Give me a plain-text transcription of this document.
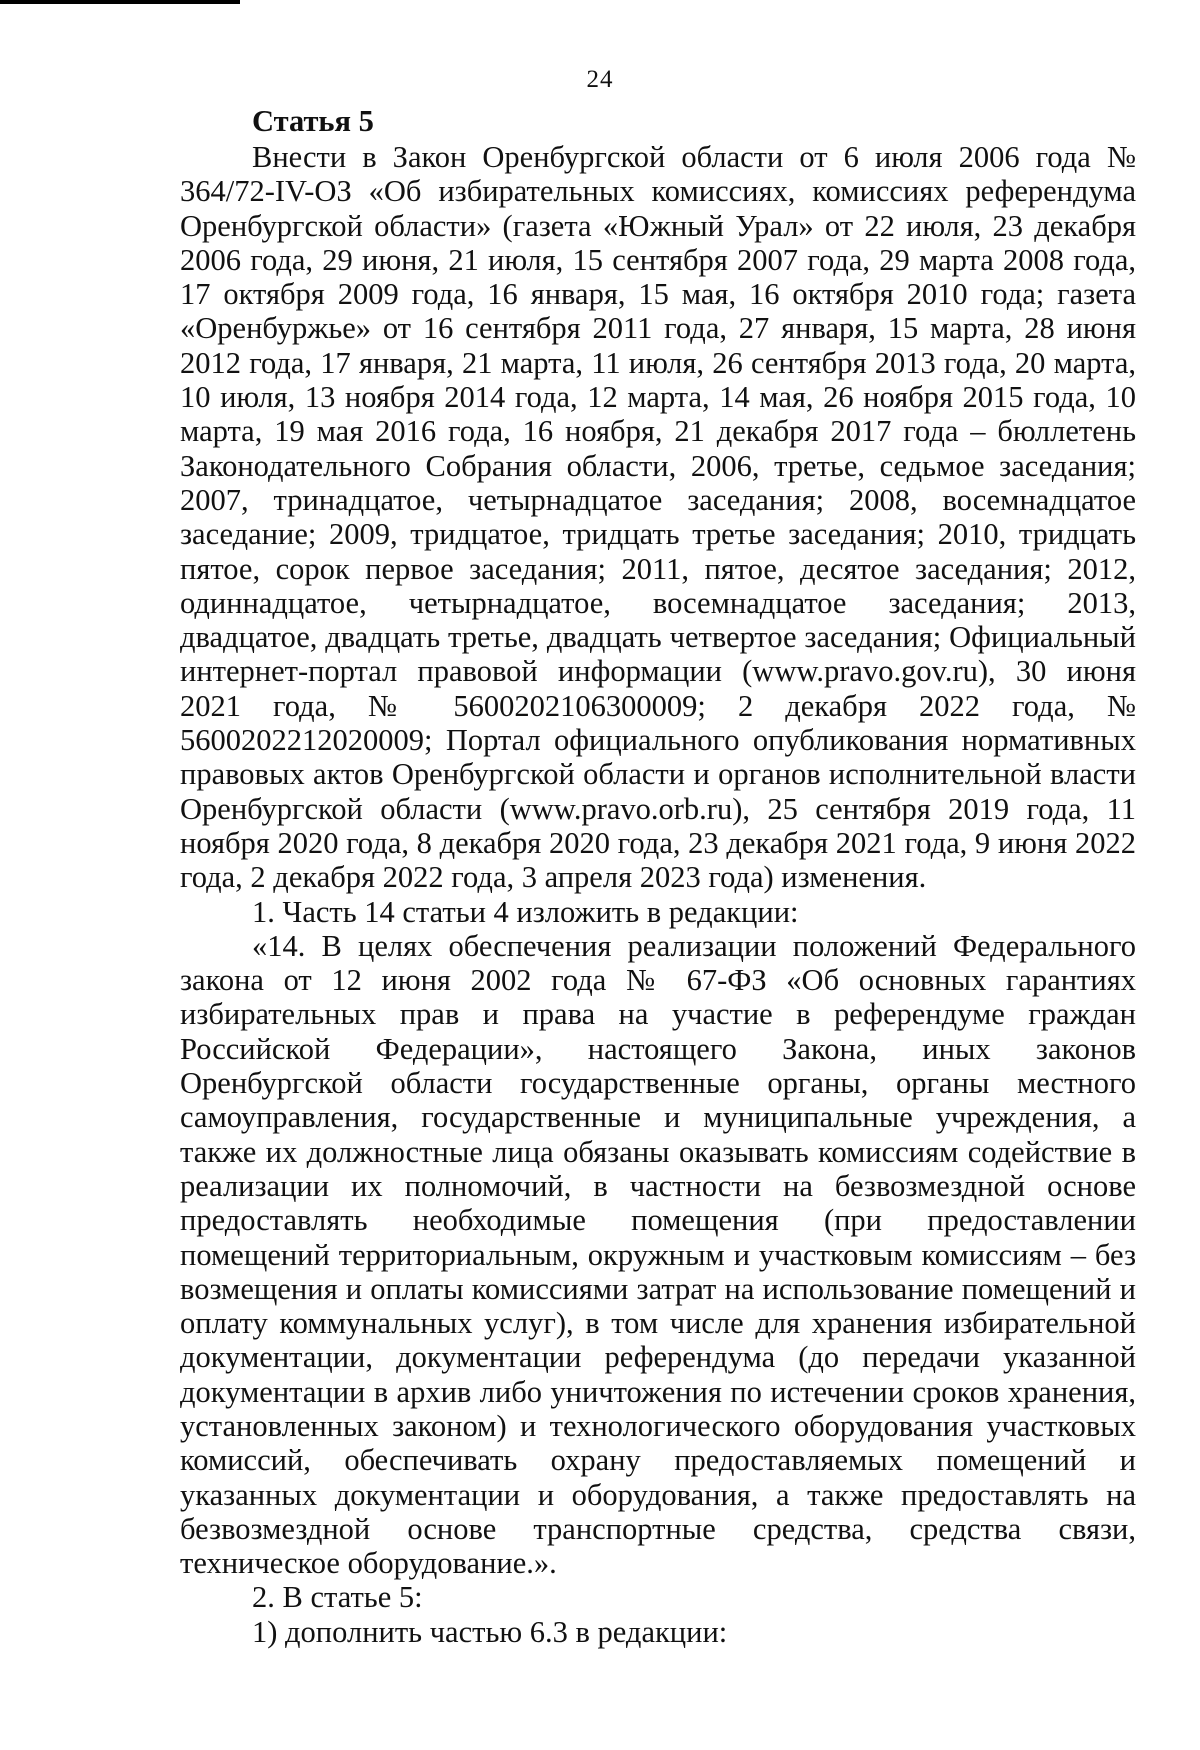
24
Статья 5

Внести в Закон Оренбургской области от 6 июля 2006 года № 364/72-IV-ОЗ «Об избирательных комиссиях, комиссиях референдума Оренбургской области» (газета «Южный Урал» от 22 июля, 23 декабря 2006 года, 29 июня, 21 июля, 15 сентября 2007 года, 29 марта 2008 года, 17 октября 2009 года, 16 января, 15 мая, 16 октября 2010 года; газета «Оренбуржье» от 16 сентября 2011 года, 27 января, 15 марта, 28 июня 2012 года, 17 января, 21 марта, 11 июля, 26 сентября 2013 года, 20 марта, 10 июля, 13 ноября 2014 года, 12 марта, 14 мая, 26 ноября 2015 года, 10 марта, 19 мая 2016 года, 16 ноября, 21 декабря 2017 года – бюллетень Законодательного Собрания области, 2006, третье, седьмое заседания; 2007, тринадцатое, четырнадцатое заседания; 2008, восемнадцатое заседание; 2009, тридцатое, тридцать третье заседания; 2010, тридцать пятое, сорок первое заседания; 2011, пятое, десятое заседания; 2012, одиннадцатое, четырнадцатое, восемнадцатое заседания; 2013, двадцатое, двадцать третье, двадцать четвертое заседания; Официальный интернет-портал правовой информации (www.pravo.gov.ru), 30 июня 2021 года, № 5600202106300009; 2 декабря 2022 года, № 5600202212020009; Портал официального опубликования нормативных правовых актов Оренбургской области и органов исполнительной власти Оренбургской области (www.pravo.orb.ru), 25 сентября 2019 года, 11 ноября 2020 года, 8 декабря 2020 года, 23 декабря 2021 года, 9 июня 2022 года, 2 декабря 2022 года, 3 апреля 2023 года) изменения.

1. Часть 14 статьи 4 изложить в редакции:

«14. В целях обеспечения реализации положений Федерального закона от 12 июня 2002 года № 67-ФЗ «Об основных гарантиях избирательных прав и права на участие в референдуме граждан Российской Федерации», настоящего Закона, иных законов Оренбургской области государственные органы, органы местного самоуправления, государственные и муниципальные учреждения, а также их должностные лица обязаны оказывать комиссиям содействие в реализации их полномочий, в частности на безвозмездной основе предоставлять необходимые помещения (при предоставлении помещений территориальным, окружным и участковым комиссиям – без возмещения и оплаты комиссиями затрат на использование помещений и оплату коммунальных услуг), в том числе для хранения избирательной документации, документации референдума (до передачи указанной документации в архив либо уничтожения по истечении сроков хранения, установленных законом) и технологического оборудования участковых комиссий, обеспечивать охрану предоставляемых помещений и указанных документации и оборудования, а также предоставлять на безвозмездной основе транспортные средства, средства связи, техническое оборудование.».

2. В статье 5:

1) дополнить частью 6.3 в редакции:
